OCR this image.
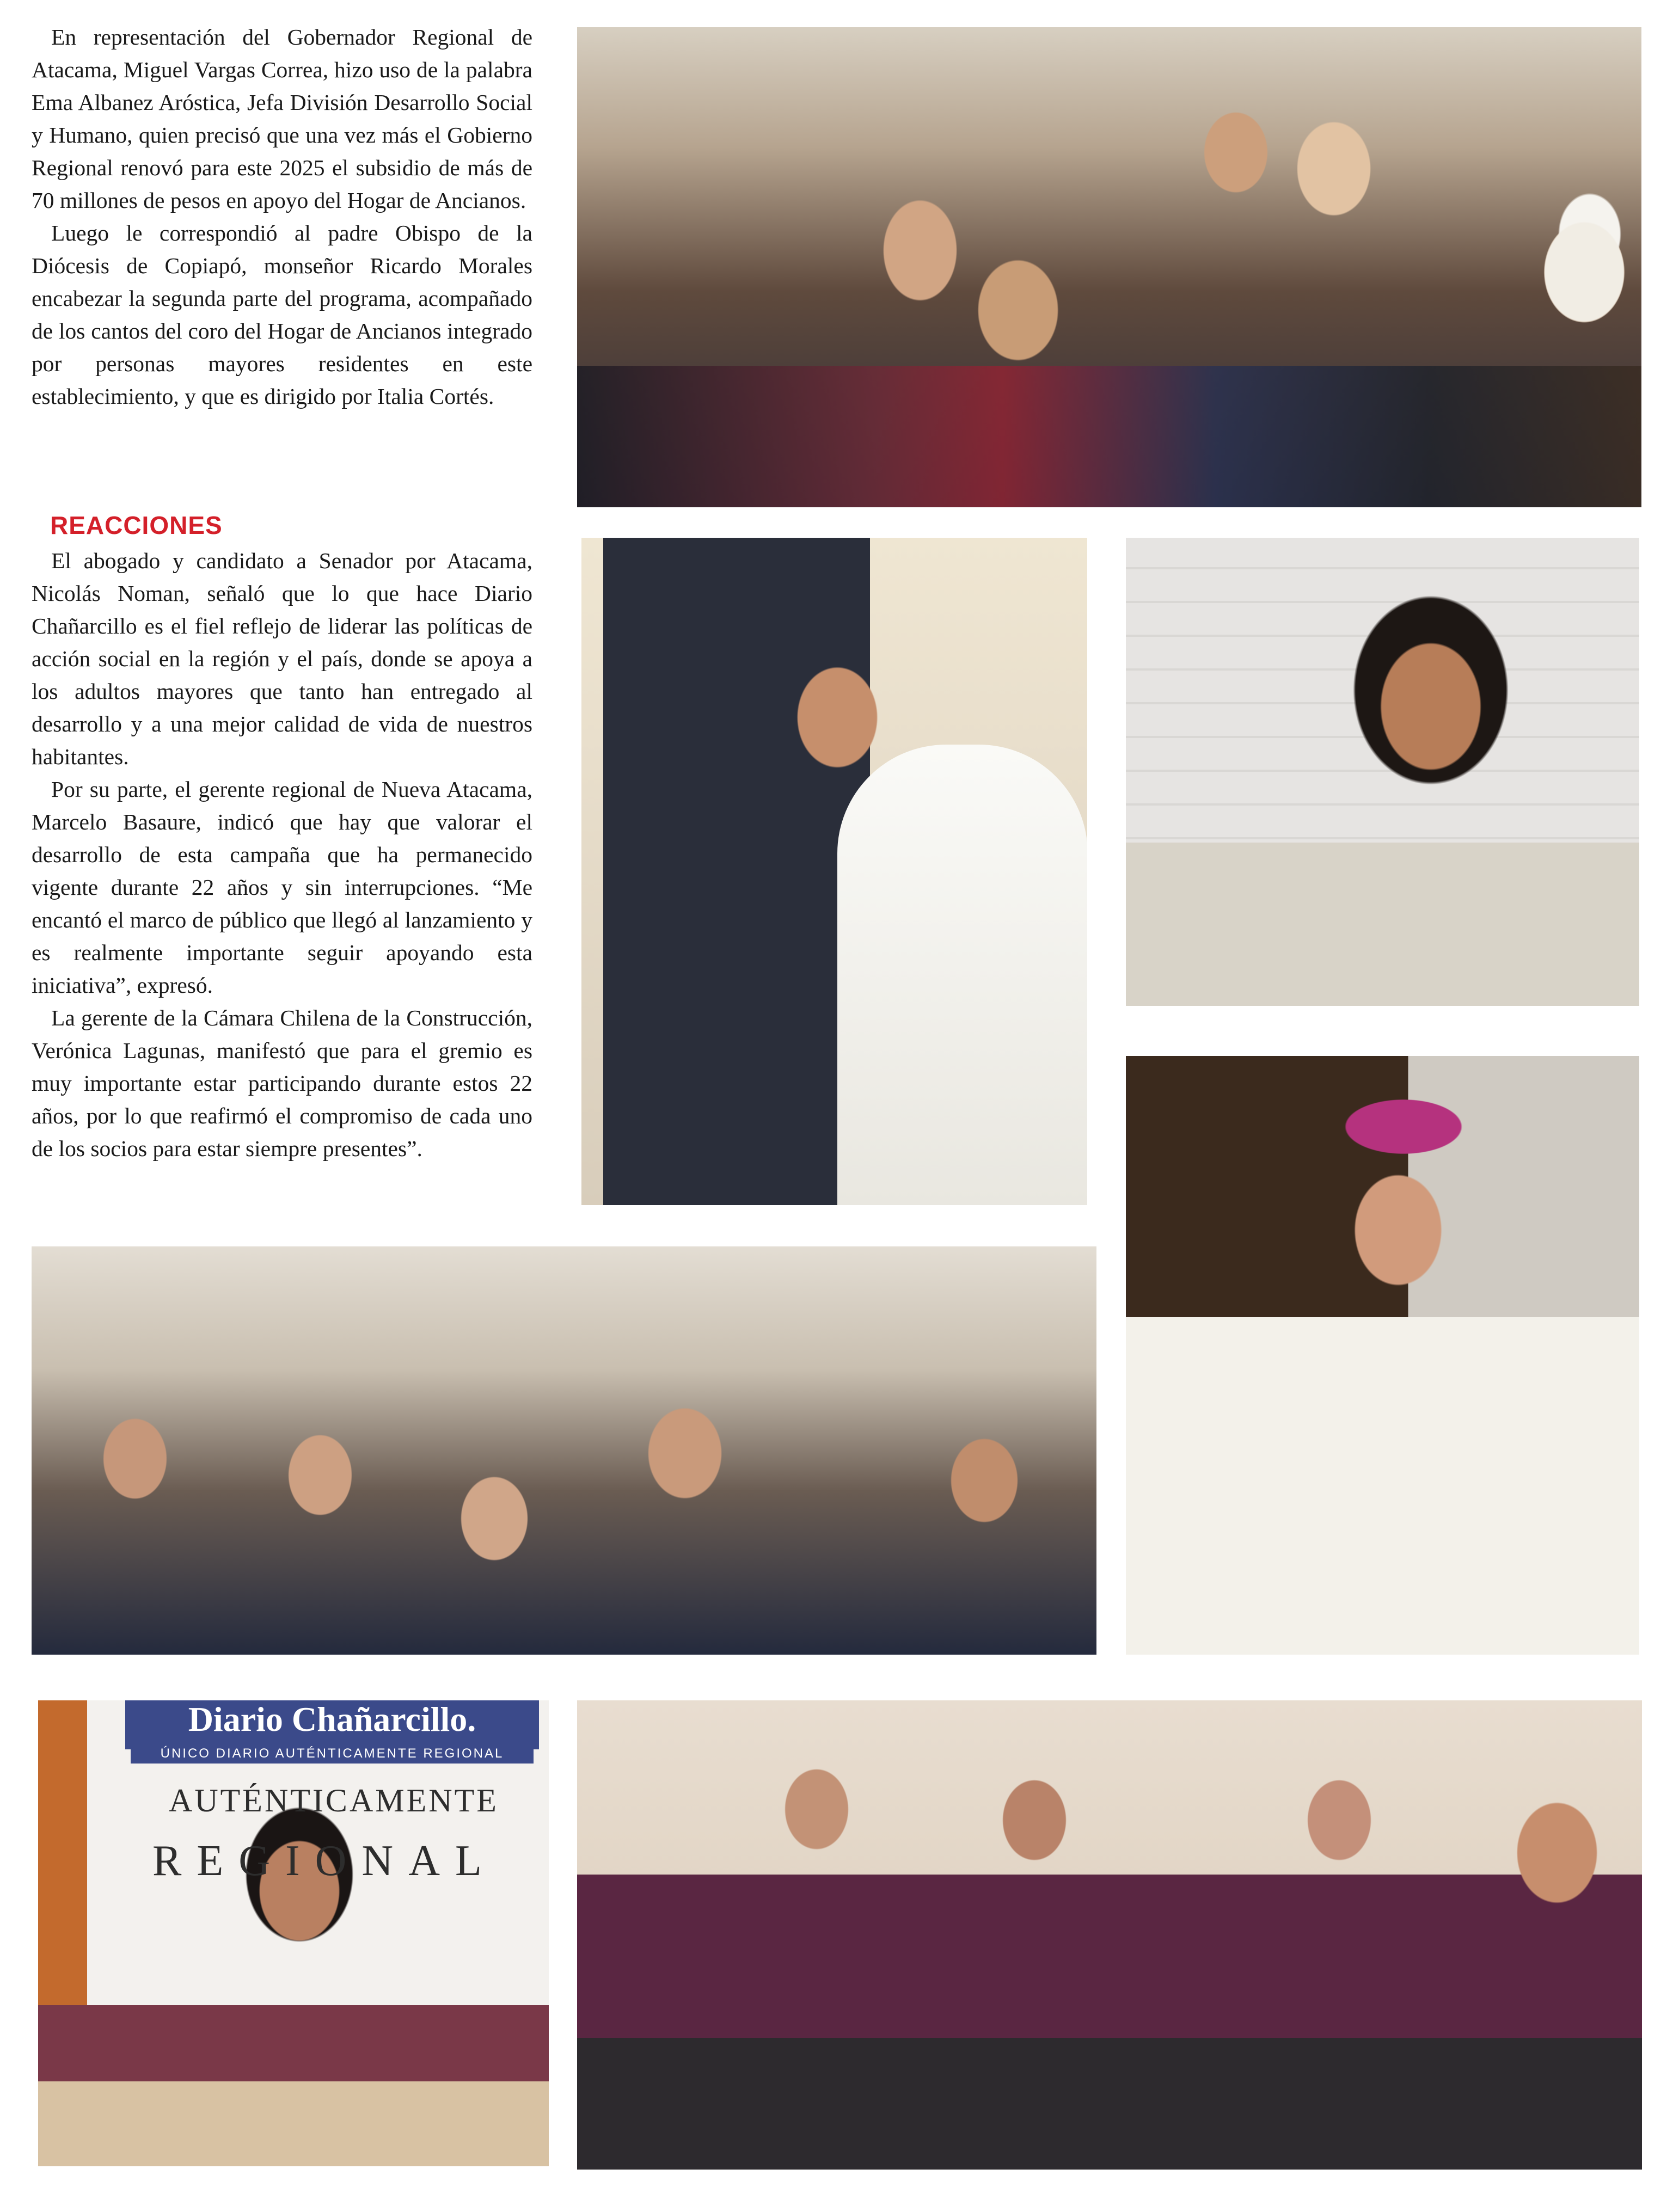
En representación del Gobernador Regional de Atacama, Miguel Vargas Correa, hizo uso de la palabra Ema Albanez Aróstica, Jefa División Desarrollo Social y Humano, quien precisó que una vez más el Gobierno Regional renovó para este 2025 el subsidio de más de 70 millones de pesos en apoyo del Hogar de Ancianos.

Luego le correspondió al padre Obispo de la Diócesis de Copiapó, monseñor Ricardo Morales encabezar la segunda parte del programa, acompañado de los cantos del coro del Hogar de Ancianos integrado por personas mayores residentes en este establecimiento, y que es dirigido por Italia Cortés.

REACCIONES

El abogado y candidato a Senador por Atacama, Nicolás Noman, señaló que lo que hace Diario Chañarcillo es el fiel reflejo de liderar las políticas de acción social en la región y el país, donde se apoya a los adultos mayores que tanto han entregado al desarrollo y a una mejor calidad de vida de nuestros habitantes.

Por su parte, el gerente regional de Nueva Atacama, Marcelo Basaure, indicó que hay que valorar el desarrollo de esta campaña que ha permanecido vigente durante 22 años y sin interrupciones. “Me encantó el marco de público que llegó al lanzamiento y es realmente importante seguir apoyando esta iniciativa”, expresó.

La gerente de la Cámara Chilena de la Construcción, Verónica Lagunas, manifestó que para el gremio es muy importante estar participando durante estos 22 años, por lo que reafirmó el compromiso de cada uno de los socios para estar siempre presentes”.

Diario Chañarcillo.
ÚNICO DIARIO AUTÉNTICAMENTE REGIONAL
AUTÉNTICAMENTE
REGIONAL
